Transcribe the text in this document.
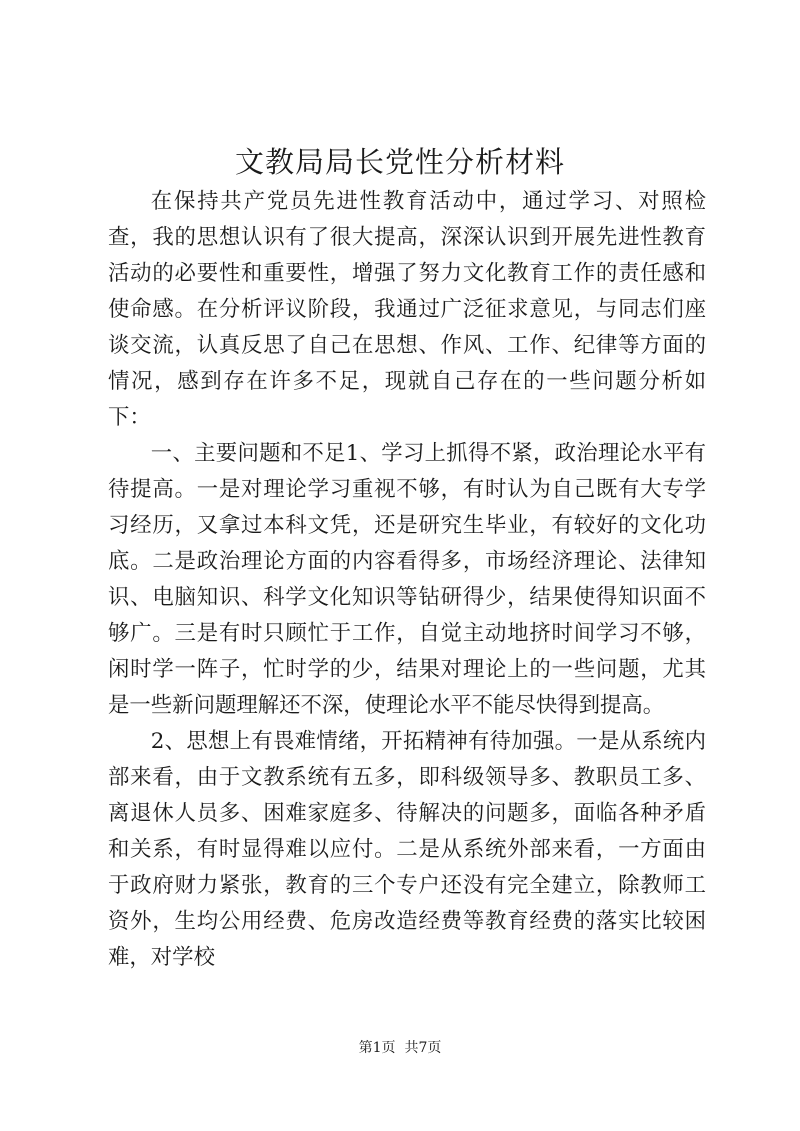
文教局局长党性分析材料

在保持共产党员先进性教育活动中，通过学习、对照检查，我的思想认识有了很大提高，深深认识到开展先进性教育活动的必要性和重要性，增强了努力文化教育工作的责任感和使命感。在分析评议阶段，我通过广泛征求意见，与同志们座谈交流，认真反思了自己在思想、作风、工作、纪律等方面的情况，感到存在许多不足，现就自己存在的一些问题分析如下：

一、主要问题和不足1、学习上抓得不紧，政治理论水平有待提高。一是对理论学习重视不够，有时认为自己既有大专学习经历，又拿过本科文凭，还是研究生毕业，有较好的文化功底。二是政治理论方面的内容看得多，市场经济理论、法律知识、电脑知识、科学文化知识等钻研得少，结果使得知识面不够广。三是有时只顾忙于工作，自觉主动地挤时间学习不够，闲时学一阵子，忙时学的少，结果对理论上的一些问题，尤其是一些新问题理解还不深，使理论水平不能尽快得到提高。

2、思想上有畏难情绪，开拓精神有待加强。一是从系统内部来看，由于文教系统有五多，即科级领导多、教职员工多、离退休人员多、困难家庭多、待解决的问题多，面临各种矛盾和关系，有时显得难以应付。二是从系统外部来看，一方面由于政府财力紧张，教育的三个专户还没有完全建立，除教师工资外，生均公用经费、危房改造经费等教育经费的落实比较困难，对学校

第1页  共7页
